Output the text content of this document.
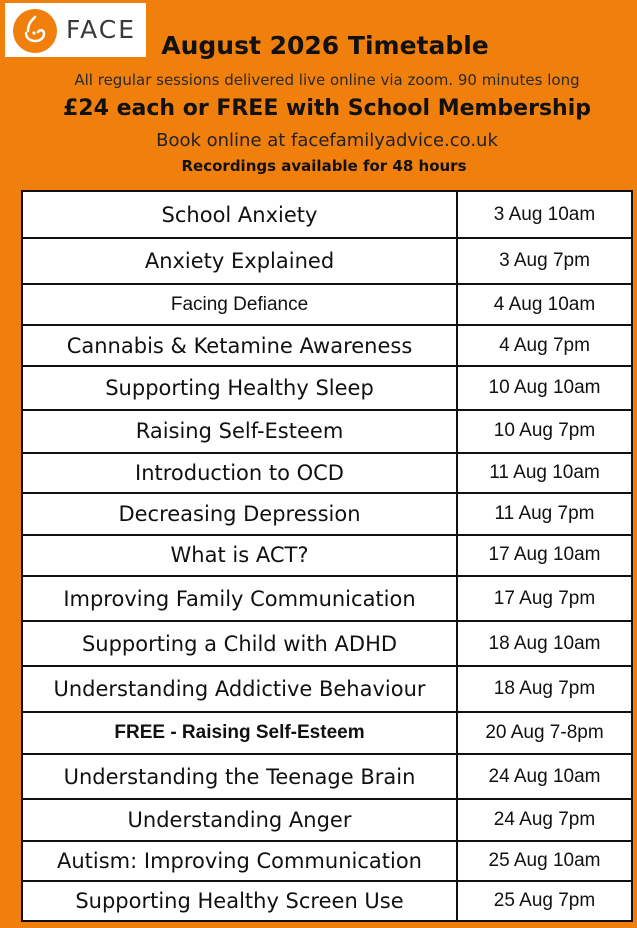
FACE
August 2026 Timetable
All regular sessions delivered live online via zoom. 90 minutes long
£24 each or FREE with School Membership
Book online at facefamilyadvice.co.uk
Recordings available for 48 hours
School Anxiety	3 Aug 10am
Anxiety Explained	3 Aug 7pm
Facing Defiance	4 Aug 10am
Cannabis & Ketamine Awareness	4 Aug 7pm
Supporting Healthy Sleep	10 Aug 10am
Raising Self-Esteem	10 Aug 7pm
Introduction to OCD	11 Aug 10am
Decreasing Depression	11 Aug 7pm
What is ACT?	17 Aug 10am
Improving Family Communication	17 Aug 7pm
Supporting a Child with ADHD	18 Aug 10am
Understanding Addictive Behaviour	18 Aug 7pm
FREE - Raising Self-Esteem	20 Aug 7-8pm
Understanding the Teenage Brain	24 Aug 10am
Understanding Anger	24 Aug 7pm
Autism: Improving Communication	25 Aug 10am
Supporting Healthy Screen Use	25 Aug 7pm
